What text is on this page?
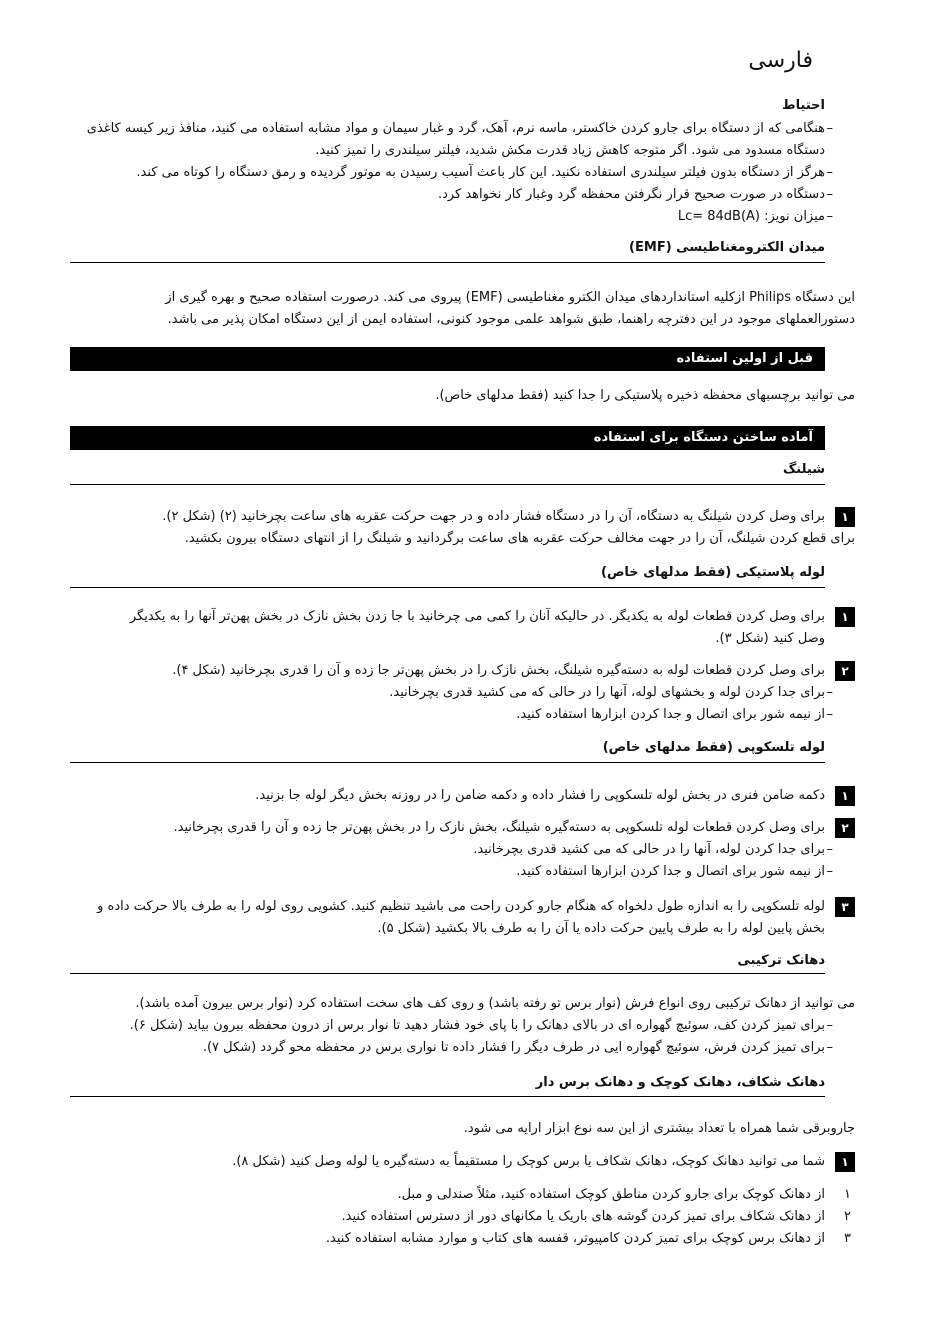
فارسی
احتیاط
–
هنگامی که از دستگاه برای جارو کردن خاکستر، ماسه نرم، آهک، گرد و غبار سیمان و مواد مشابه استفاده می کنید، منافذ زیر کیسه کاغذی دستگاه مسدود می شود. اگر متوجه کاهش زیاد قدرت مکش شدید، فیلتر سیلندری را تمیز کنید.
–
هرگز از دستگاه بدون فیلتر سیلندری استفاده نکنید. این کار باعث آسیب رسیدن به موتور گردیده و رمق دستگاه را کوتاه می کند.
–
دستگاه در صورت صحیح قرار نگرفتن محفظه گرد وغبار کار نخواهد کرد.
–
میزان نویز: Lc= 84dB(A)
میدان الکترومغناطیسی (EMF)
این دستگاه Philips ازکلیه استانداردهای میدان الکترو مغناطیسی (EMF) پیروی می کند. درصورت استفاده صحیح و بهره گیری از
دستورالعملهای موجود در این دفترچه راهنما، طبق شواهد علمی موجود کنونی، استفاده ایمن از این دستگاه امکان پذیر می باشد.
قبل از اولین استفاده
می توانید برچسبهای محفظه ذخیره پلاستیکی را جدا کنید (فقط مدلهای خاص).
آماده ساختن دستگاه برای استفاده
شیلنگ
١
برای وصل کردن شیلنگ به دستگاه، آن را در دستگاه فشار داده و در جهت حرکت عقربه های ساعت بچرخانید (۲) (شکل ۲).
برای قطع کردن شیلنگ، آن را در جهت مخالف حرکت عقربه های ساعت برگردانید و شیلنگ را از انتهای دستگاه بیرون بکشید.
لوله پلاستیکی (فقط مدلهای خاص)
١
برای وصل کردن قطعات لوله به یکدیگر. در حالیکه آنان را کمی می چرخانید با جا زدن بخش نازک در بخش پهن‌تر آنها را به یکدیگر
وصل کنید (شکل ۳).
٢
برای وصل کردن قطعات لوله به دسته‌گیره شیلنگ، بخش نازک را در بخش پهن‌تر جا زده و آن را قدری بچرخانید (شکل ۴).
–
برای جدا کردن لوله و بخشهای لوله، آنها را در حالی که می کشید قدری بچرخانید.
–
از نیمه شور برای اتصال و جدا کردن ابزارها استفاده کنید.
لوله تلسکوپی (فقط مدلهای خاص)
١
دکمه ضامن فنری در بخش لوله تلسکوپی را فشار داده و دکمه ضامن را در روزنه بخش دیگر لوله جا بزنید.
٢
برای وصل کردن قطعات لوله تلسکوپی به دسته‌گیره شیلنگ، بخش نازک را در بخش پهن‌تر جا زده و آن را قدری بچرخانید.
–
برای جدا کردن لوله، آنها را در حالی که می کشید قدری بچرخانید.
–
از نیمه شور برای اتصال و جدا کردن ابزارها استفاده کنید.
٣
لوله تلسکوپی را به اندازه طول دلخواه که هنگام جارو کردن راحت می باشید تنظیم کنید. کشویی روی لوله را به طرف بالا حرکت داده و
بخش پایین لوله را به طرف پایین حرکت داده یا آن را به طرف بالا بکشید (شکل ۵).
دهانک ترکیبی
می توانید از دهانک ترکیبی روی انواع فرش (نوار برس تو رفته باشد) و روی کف های سخت استفاده کرد (نوار برس بیرون آمده باشد).
–
برای تمیز کردن کف، سوئیچ گهواره ای در بالای دهانک را با پای خود فشار دهید تا نوار برس از درون محفظه بیرون بیاید (شکل ۶).
–
برای تمیز کردن فرش، سوئیچ گهواره ایی در طرف دیگر را فشار داده تا نواری برس در محفظه محو گردد (شکل ۷).
دهانک شکاف، دهانک کوچک و دهانک برس دار
جاروبرقی شما همراه با تعداد بیشتری از این سه نوع ابزار ارایه می شود.
١
شما می توانید دهانک کوچک، دهانک شکاف یا برس کوچک را مستقیماً به دسته‌گیره یا لوله وصل کنید (شکل ۸).
١
از دهانک کوچک برای جارو کردن مناطق کوچک استفاده کنید، مثلاً صندلی و مبل.
٢
از دهانک شکاف برای تمیز کردن گوشه های باریک یا مکانهای دور از دسترس استفاده کنید.
٣
از دهانک برس کوچک برای تمیز کردن کامپیوتر، قفسه های کتاب و موارد مشابه استفاده کنید.
